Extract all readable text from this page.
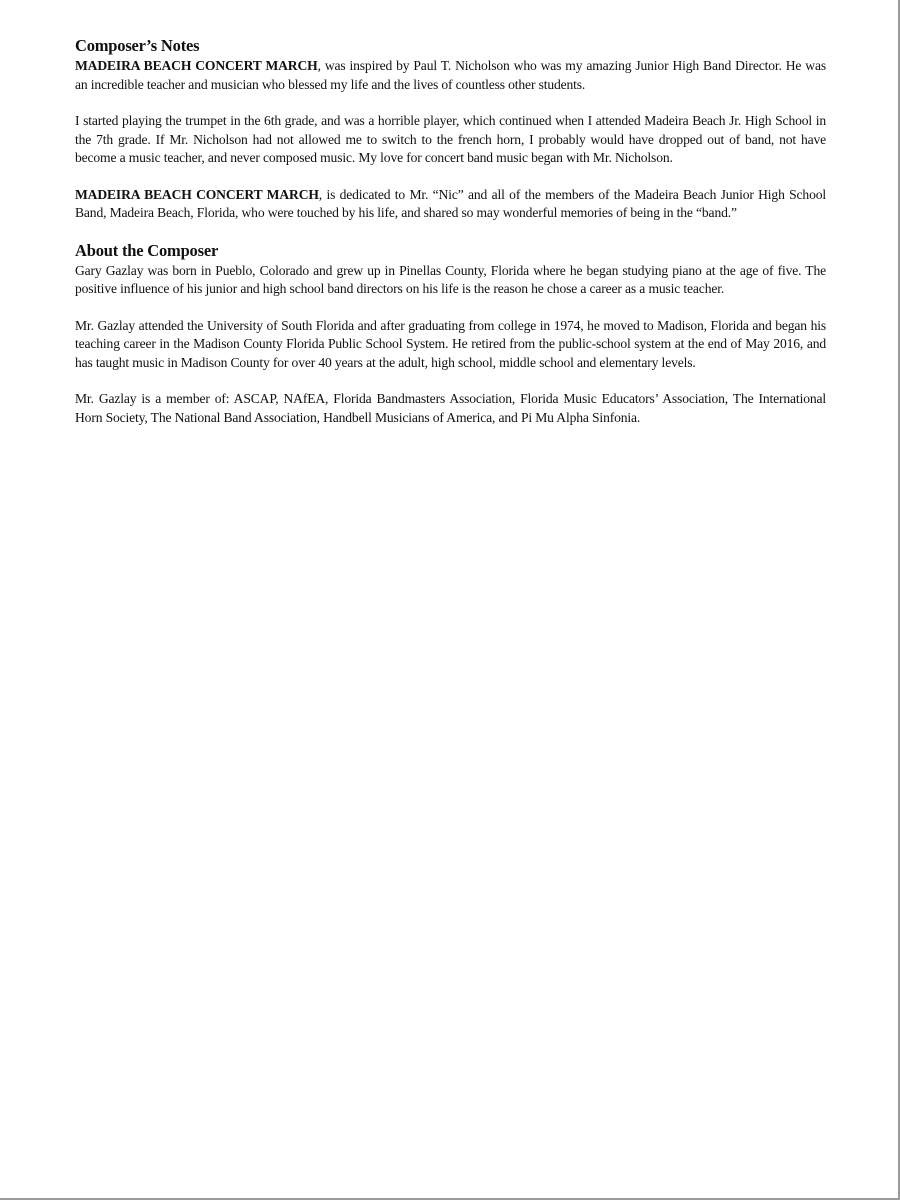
Composer’s Notes

MADEIRA BEACH CONCERT MARCH, was inspired by Paul T. Nicholson who was my amazing Junior High Band Director. He was an incredible teacher and musician who blessed my life and the lives of countless other students.

I started playing the trumpet in the 6th grade, and was a horrible player, which continued when I attended Madeira Beach Jr. High School in the 7th grade. If Mr. Nicholson had not allowed me to switch to the french horn, I probably would have dropped out of band, not have become a music teacher, and never composed music. My love for concert band music began with Mr. Nicholson.

MADEIRA BEACH CONCERT MARCH, is dedicated to Mr. “Nic” and all of the members of the Madeira Beach Junior High School Band, Madeira Beach, Florida, who were touched by his life, and shared so may wonderful memories of being in the “band.”

About the Composer

Gary Gazlay was born in Pueblo, Colorado and grew up in Pinellas County, Florida where he began studying piano at the age of five. The positive influence of his junior and high school band directors on his life is the reason he chose a career as a music teacher.

Mr. Gazlay attended the University of South Florida and after graduating from college in 1974, he moved to Madison, Florida and began his teaching career in the Madison County Florida Public School System. He retired from the public-school system at the end of May 2016, and has taught music in Madison County for over 40 years at the adult, high school, middle school and elementary levels.

Mr. Gazlay is a member of: ASCAP, NAfEA, Florida Bandmasters Association, Florida Music Educators’ Association, The International Horn Society, The National Band Association, Handbell Musicians of America, and Pi Mu Alpha Sinfonia.
